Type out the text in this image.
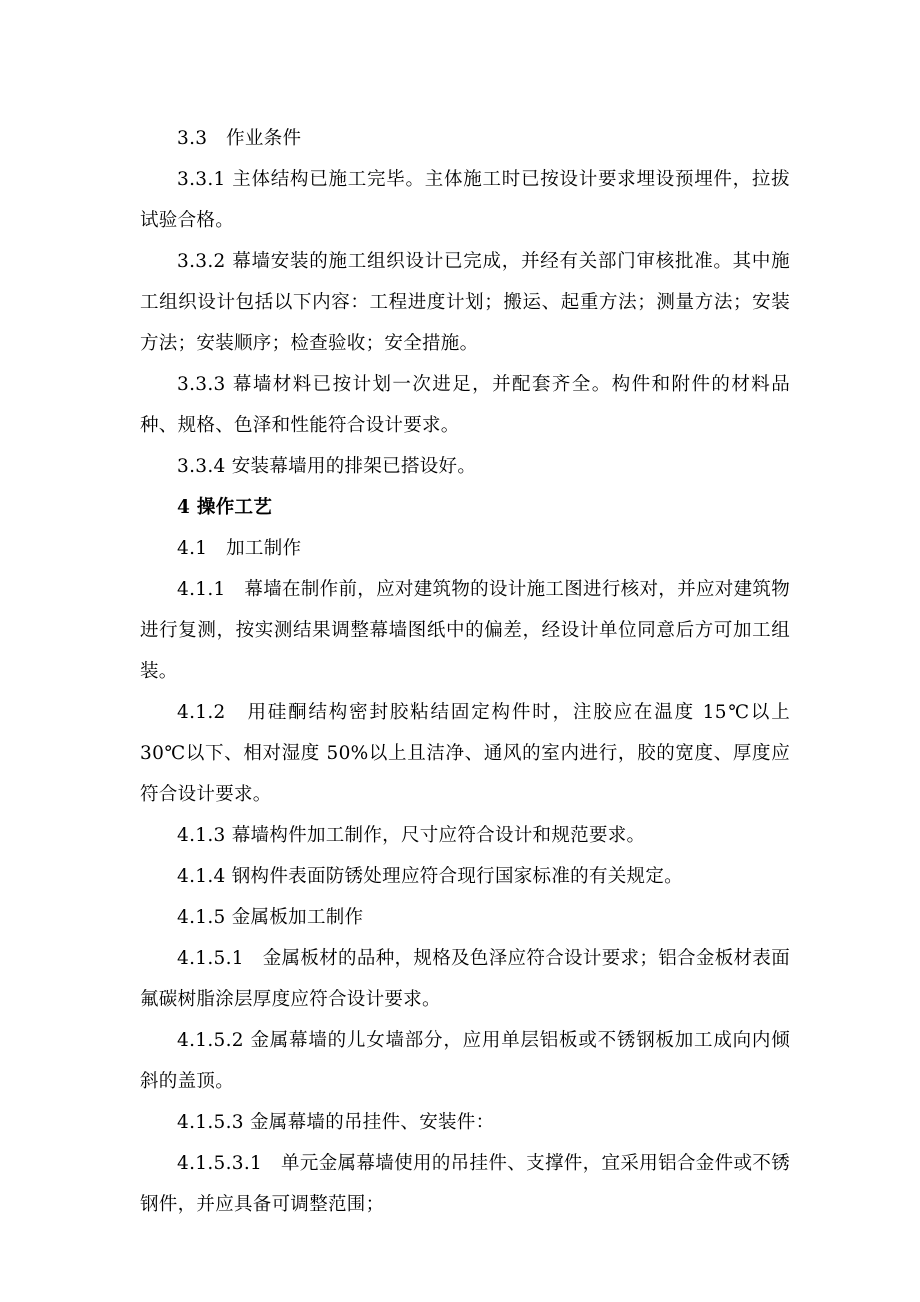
3.3　作业条件

3.3.1 主体结构已施工完毕。主体施工时已按设计要求埋设预埋件，拉拔试验合格。

3.3.2 幕墙安装的施工组织设计已完成，并经有关部门审核批准。其中施工组织设计包括以下内容：工程进度计划；搬运、起重方法；测量方法；安装方法；安装顺序；检查验收；安全措施。

3.3.3 幕墙材料已按计划一次进足，并配套齐全。构件和附件的材料品种、规格、色泽和性能符合设计要求。

3.3.4 安装幕墙用的排架已搭设好。

4 操作工艺

4.1　加工制作

4.1.1　幕墙在制作前，应对建筑物的设计施工图进行核对，并应对建筑物进行复测，按实测结果调整幕墙图纸中的偏差，经设计单位同意后方可加工组装。

4.1.2　用硅酮结构密封胶粘结固定构件时，注胶应在温度 15℃以上 30℃以下、相对湿度 50%以上且洁净、通风的室内进行，胶的宽度、厚度应符合设计要求。

4.1.3 幕墙构件加工制作，尺寸应符合设计和规范要求。

4.1.4 钢构件表面防锈处理应符合现行国家标准的有关规定。

4.1.5 金属板加工制作

4.1.5.1　金属板材的品种，规格及色泽应符合设计要求；铝合金板材表面氟碳树脂涂层厚度应符合设计要求。

4.1.5.2 金属幕墙的儿女墙部分，应用单层铝板或不锈钢板加工成向内倾斜的盖顶。

4.1.5.3 金属幕墙的吊挂件、安装件：

4.1.5.3.1　单元金属幕墙使用的吊挂件、支撑件，宜采用铝合金件或不锈钢件，并应具备可调整范围；
